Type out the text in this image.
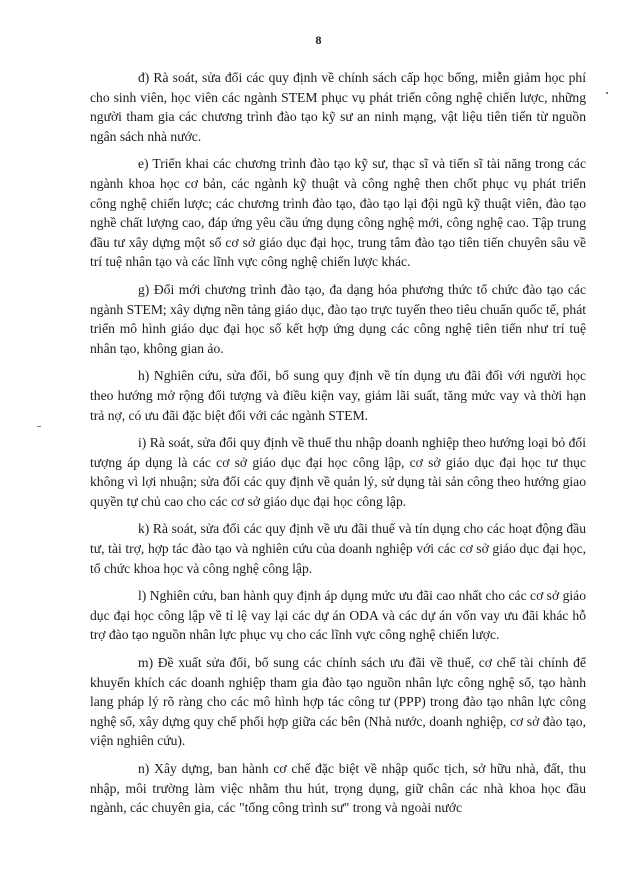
8

đ) Rà soát, sửa đổi các quy định về chính sách cấp học bổng, miễn giảm học phí cho sinh viên, học viên các ngành STEM phục vụ phát triển công nghệ chiến lược, những người tham gia các chương trình đào tạo kỹ sư an ninh mạng, vật liệu tiên tiến từ nguồn ngân sách nhà nước.

e) Triển khai các chương trình đào tạo kỹ sư, thạc sĩ và tiến sĩ tài năng trong các ngành khoa học cơ bản, các ngành kỹ thuật và công nghệ then chốt phục vụ phát triển công nghệ chiến lược; các chương trình đào tạo, đào tạo lại đội ngũ kỹ thuật viên, đào tạo nghề chất lượng cao, đáp ứng yêu cầu ứng dụng công nghệ mới, công nghệ cao. Tập trung đầu tư xây dựng một số cơ sở giáo dục đại học, trung tâm đào tạo tiên tiến chuyên sâu về trí tuệ nhân tạo và các lĩnh vực công nghệ chiến lược khác.

g) Đổi mới chương trình đào tạo, đa dạng hóa phương thức tổ chức đào tạo các ngành STEM; xây dựng nền tảng giáo dục, đào tạo trực tuyến theo tiêu chuẩn quốc tế, phát triển mô hình giáo dục đại học số kết hợp ứng dụng các công nghệ tiên tiến như trí tuệ nhân tạo, không gian ảo.

h) Nghiên cứu, sửa đổi, bổ sung quy định về tín dụng ưu đãi đối với người học theo hướng mở rộng đối tượng và điều kiện vay, giảm lãi suất, tăng mức vay và thời hạn trả nợ, có ưu đãi đặc biệt đối với các ngành STEM.

i) Rà soát, sửa đổi quy định về thuế thu nhập doanh nghiệp theo hướng loại bỏ đối tượng áp dụng là các cơ sở giáo dục đại học công lập, cơ sở giáo dục đại học tư thục không vì lợi nhuận; sửa đổi các quy định về quản lý, sử dụng tài sản công theo hướng giao quyền tự chủ cao cho các cơ sở giáo dục đại học công lập.

k) Rà soát, sửa đổi các quy định về ưu đãi thuế và tín dụng cho các hoạt động đầu tư, tài trợ, hợp tác đào tạo và nghiên cứu của doanh nghiệp với các cơ sở giáo dục đại học, tổ chức khoa học và công nghệ công lập.

l) Nghiên cứu, ban hành quy định áp dụng mức ưu đãi cao nhất cho các cơ sở giáo dục đại học công lập về tỉ lệ vay lại các dự án ODA và các dự án vốn vay ưu đãi khác hỗ trợ đào tạo nguồn nhân lực phục vụ cho các lĩnh vực công nghệ chiến lược.

m) Đề xuất sửa đổi, bổ sung các chính sách ưu đãi về thuế, cơ chế tài chính để khuyến khích các doanh nghiệp tham gia đào tạo nguồn nhân lực công nghệ số, tạo hành lang pháp lý rõ ràng cho các mô hình hợp tác công tư (PPP) trong đào tạo nhân lực công nghệ số, xây dựng quy chế phối hợp giữa các bên (Nhà nước, doanh nghiệp, cơ sở đào tạo, viện nghiên cứu).

n) Xây dựng, ban hành cơ chế đặc biệt về nhập quốc tịch, sở hữu nhà, đất, thu nhập, môi trường làm việc nhằm thu hút, trọng dụng, giữ chân các nhà khoa học đầu ngành, các chuyên gia, các "tổng công trình sư" trong và ngoài nước
